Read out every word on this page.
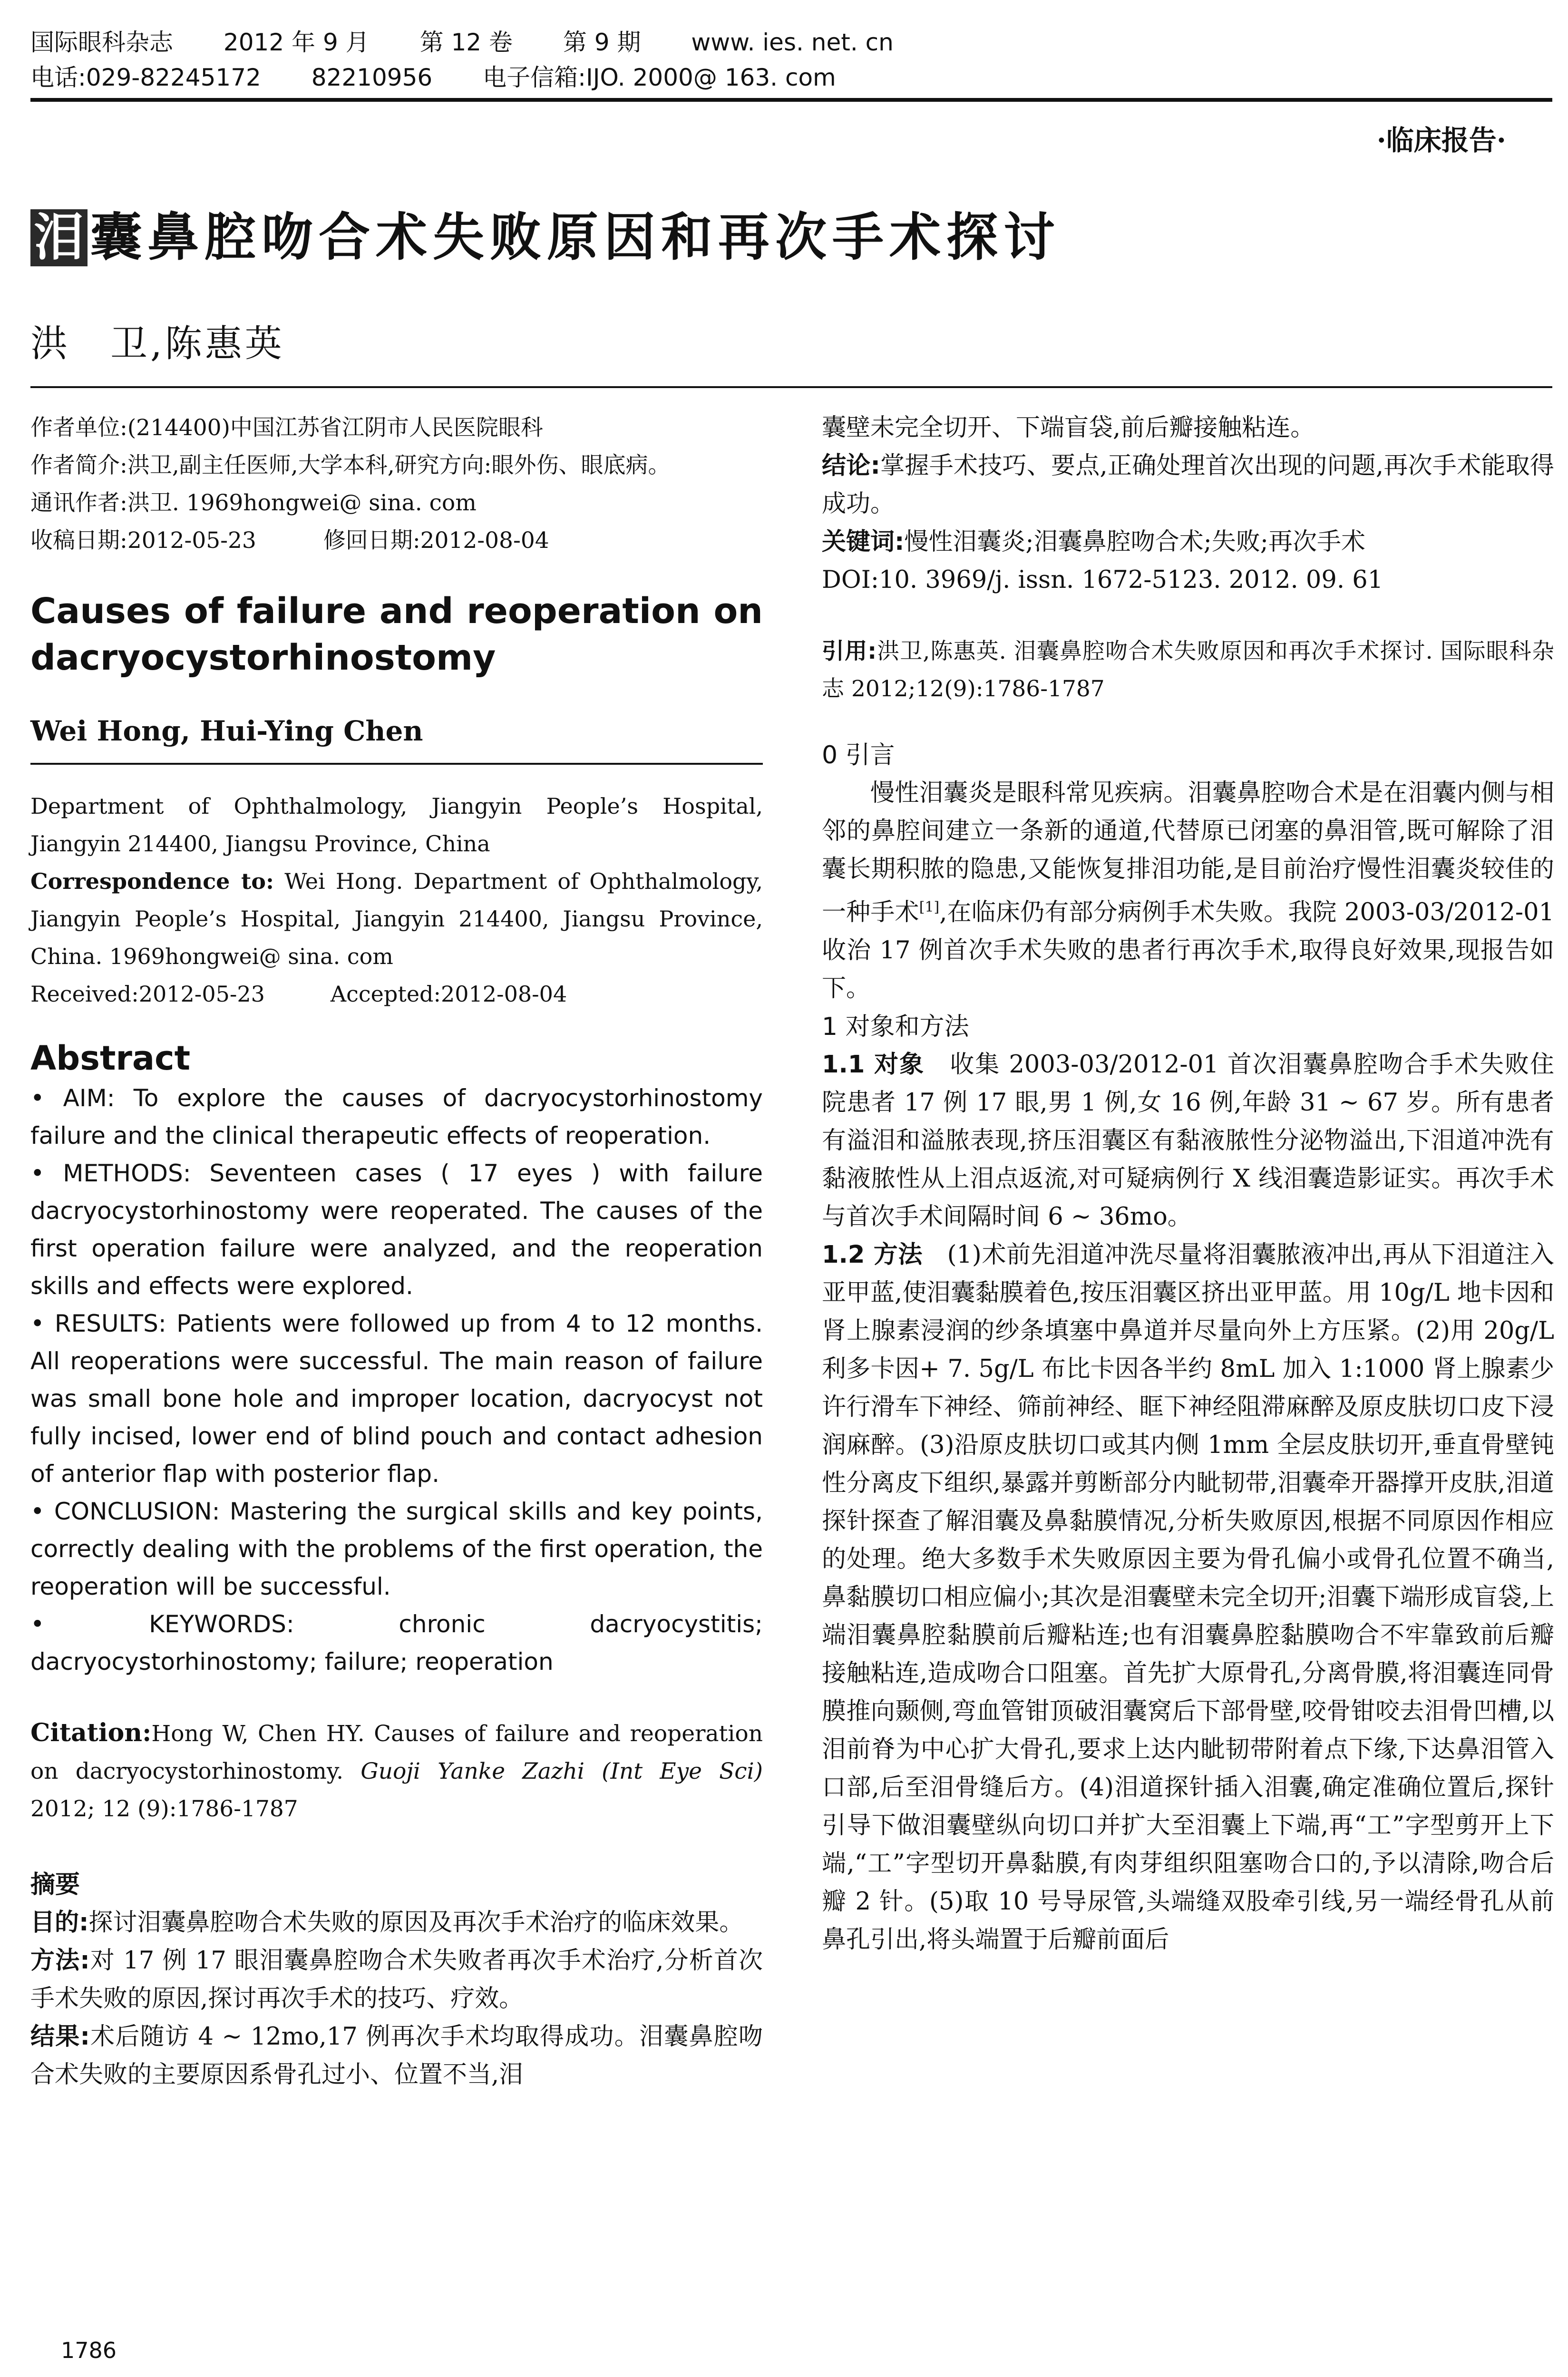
国际眼科杂志 2012 年 9 月 第 12 卷 第 9 期 www. ies. net. cn
电话:029-82245172 82210956 电子信箱:IJO. 2000@ 163. com
·临床报告·
泪 囊鼻腔吻合术失败原因和再次手术探讨
洪　卫,陈惠英

作者单位:(214400)中国江苏省江阴市人民医院眼科

作者简介:洪卫,副主任医师,大学本科,研究方向:眼外伤、眼底病。

通讯作者:洪卫. 1969hongwei@ sina. com

收稿日期:2012-05-23　　　修回日期:2012-08-04

Causes of failure and reoperation on dacryocystorhinostomy

Wei Hong, Hui-Ying Chen

Department of Ophthalmology, Jiangyin People’s Hospital, Jiangyin 214400, Jiangsu Province, China

Correspondence to: Wei Hong. Department of Ophthalmology, Jiangyin People’s Hospital, Jiangyin 214400, Jiangsu Province, China. 1969hongwei@ sina. com

Received:2012-05-23　　　Accepted:2012-08-04

Abstract

• AIM: To explore the causes of dacryocystorhinostomy failure and the clinical therapeutic effects of reoperation.

• METHODS: Seventeen cases ( 17 eyes ) with failure dacryocystorhinostomy were reoperated. The causes of the first operation failure were analyzed, and the reoperation skills and effects were explored.

• RESULTS: Patients were followed up from 4 to 12 months. All reoperations were successful. The main reason of failure was small bone hole and improper location, dacryocyst not fully incised, lower end of blind pouch and contact adhesion of anterior flap with posterior flap.

• CONCLUSION: Mastering the surgical skills and key points, correctly dealing with the problems of the first operation, the reoperation will be successful.

• KEYWORDS: chronic dacryocystitis; dacryocystorhinostomy; failure; reoperation

Citation:Hong W, Chen HY. Causes of failure and reoperation on dacryocystorhinostomy. Guoji Yanke Zazhi (Int Eye Sci) 2012; 12 (9):1786-1787

摘要

目的:探讨泪囊鼻腔吻合术失败的原因及再次手术治疗的临床效果。

方法:对 17 例 17 眼泪囊鼻腔吻合术失败者再次手术治疗,分析首次手术失败的原因,探讨再次手术的技巧、疗效。

结果:术后随访 4 ~ 12mo,17 例再次手术均取得成功。泪囊鼻腔吻合术失败的主要原因系骨孔过小、位置不当,泪

囊壁未完全切开、下端盲袋,前后瓣接触粘连。

结论:掌握手术技巧、要点,正确处理首次出现的问题,再次手术能取得成功。

关键词:慢性泪囊炎;泪囊鼻腔吻合术;失败;再次手术

DOI:10. 3969/j. issn. 1672-5123. 2012. 09. 61

引用:洪卫,陈惠英. 泪囊鼻腔吻合术失败原因和再次手术探讨. 国际眼科杂志 2012;12(9):1786-1787

0 引言

慢性泪囊炎是眼科常见疾病。泪囊鼻腔吻合术是在泪囊内侧与相邻的鼻腔间建立一条新的通道,代替原已闭塞的鼻泪管,既可解除了泪囊长期积脓的隐患,又能恢复排泪功能,是目前治疗慢性泪囊炎较佳的一种手术[1],在临床仍有部分病例手术失败。我院 2003-03/2012-01 收治 17 例首次手术失败的患者行再次手术,取得良好效果,现报告如下。

1 对象和方法

1.1 对象　收集 2003-03/2012-01 首次泪囊鼻腔吻合手术失败住院患者 17 例 17 眼,男 1 例,女 16 例,年龄 31 ~ 67 岁。所有患者有溢泪和溢脓表现,挤压泪囊区有黏液脓性分泌物溢出,下泪道冲洗有黏液脓性从上泪点返流,对可疑病例行 X 线泪囊造影证实。再次手术与首次手术间隔时间 6 ~ 36mo。

1.2 方法　(1)术前先泪道冲洗尽量将泪囊脓液冲出,再从下泪道注入亚甲蓝,使泪囊黏膜着色,按压泪囊区挤出亚甲蓝。用 10g/L 地卡因和肾上腺素浸润的纱条填塞中鼻道并尽量向外上方压紧。(2)用 20g/L 利多卡因+ 7. 5g/L 布比卡因各半约 8mL 加入 1:1000 肾上腺素少许行滑车下神经、筛前神经、眶下神经阻滞麻醉及原皮肤切口皮下浸润麻醉。(3)沿原皮肤切口或其内侧 1mm 全层皮肤切开,垂直骨壁钝性分离皮下组织,暴露并剪断部分内眦韧带,泪囊牵开器撑开皮肤,泪道探针探查了解泪囊及鼻黏膜情况,分析失败原因,根据不同原因作相应的处理。绝大多数手术失败原因主要为骨孔偏小或骨孔位置不确当,鼻黏膜切口相应偏小;其次是泪囊壁未完全切开;泪囊下端形成盲袋,上端泪囊鼻腔黏膜前后瓣粘连;也有泪囊鼻腔黏膜吻合不牢靠致前后瓣接触粘连,造成吻合口阻塞。首先扩大原骨孔,分离骨膜,将泪囊连同骨膜推向颞侧,弯血管钳顶破泪囊窝后下部骨壁,咬骨钳咬去泪骨凹槽,以泪前脊为中心扩大骨孔,要求上达内眦韧带附着点下缘,下达鼻泪管入口部,后至泪骨缝后方。(4)泪道探针插入泪囊,确定准确位置后,探针引导下做泪囊壁纵向切口并扩大至泪囊上下端,再“工”字型剪开上下端,“工”字型切开鼻黏膜,有肉芽组织阻塞吻合口的,予以清除,吻合后瓣 2 针。(5)取 10 号导尿管,头端缝双股牵引线,另一端经骨孔从前鼻孔引出,将头端置于后瓣前面后

1786
